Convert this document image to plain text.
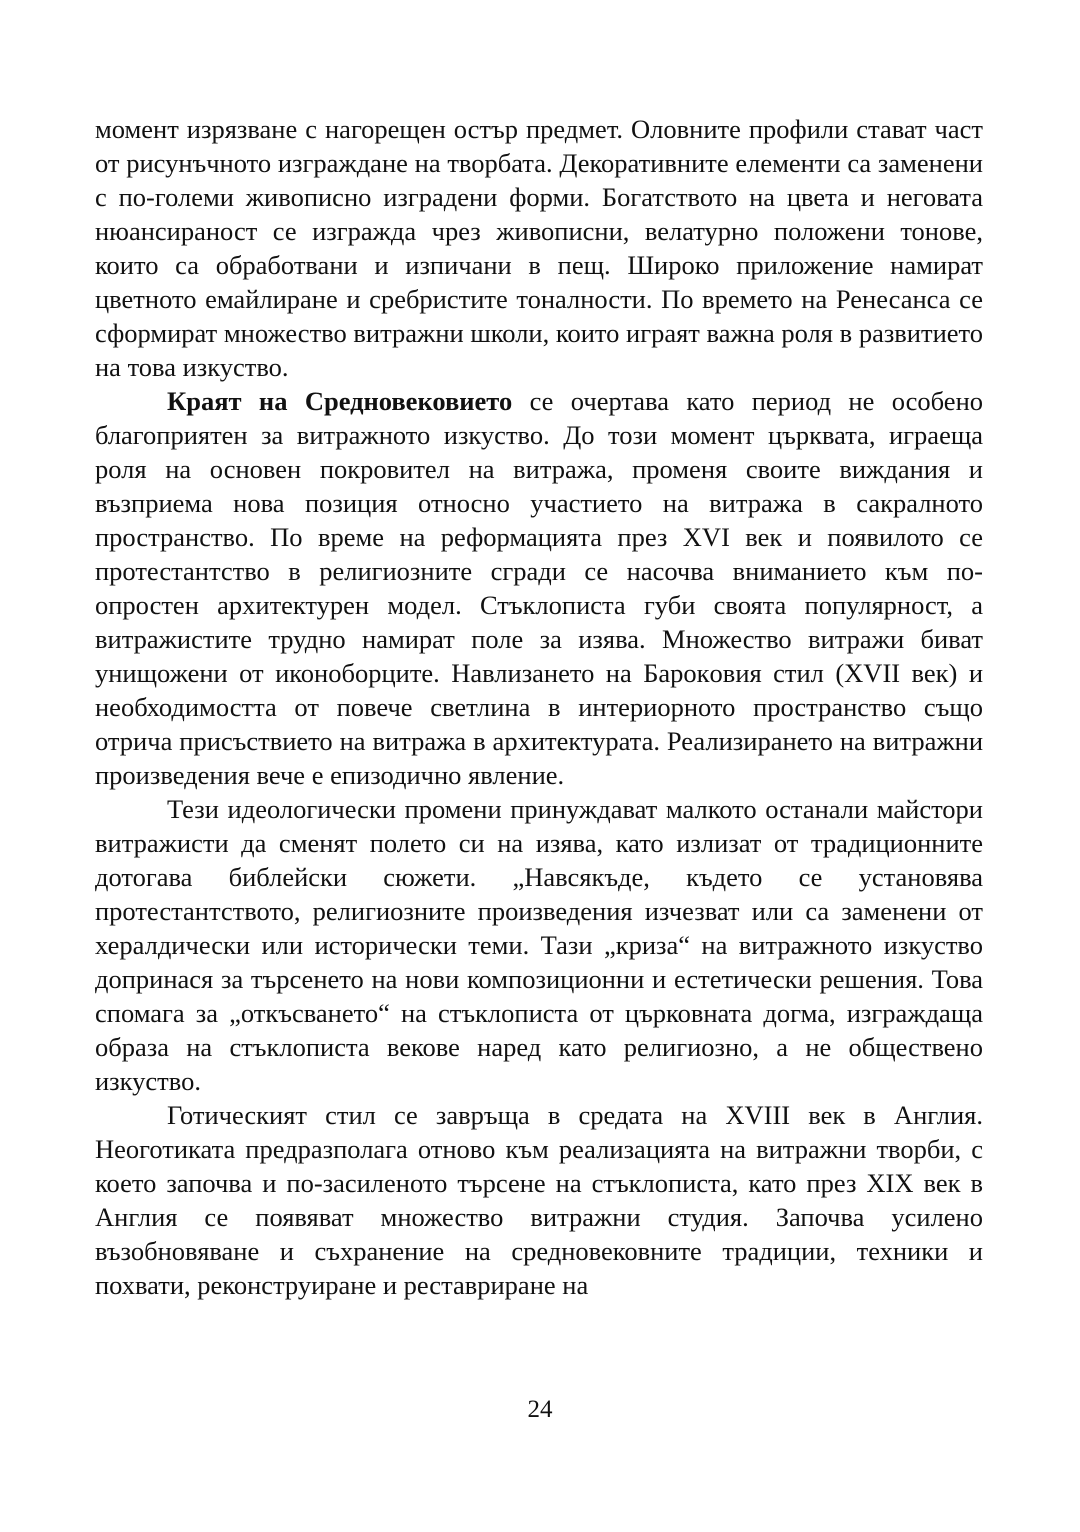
момент изрязване с нагорещен остър предмет. Оловните профили стават част от рисунъчното изграждане на творбата. Декоративните елементи са заменени с по-големи живописно изградени форми. Богатството на цвета и неговата нюансираност се изгражда чрез живописни, велатурно положени тонове, които са обработвани и изпичани в пещ. Широко приложение намират цветното емайлиране и сребристите тоналности. По времето на Ренесанса се сформират множество витражни школи, които играят важна роля в развитието на това изкуство.

Краят на Средновековието се очертава като период не особено благоприятен за витражното изкуство. До този момент църквата, играеща роля на основен покровител на витража, променя своите виждания и възприема нова позиция относно участието на витража в сакралното пространство. По време на реформацията през XVI век и появилото се протестантство в религиозните сгради се насочва вниманието към по-опростен архитектурен модел. Стъклописта губи своята популярност, а витражистите трудно намират поле за изява. Множество витражи биват унищожени от иконоборците. Навлизането на Барокoвия стил (XVII век) и необходимостта от повече светлина в интериорното пространство също отрича присъствието на витража в архитектурата. Реализирането на витражни произведения вече е епизодично явление.

Тези идеологически промени принуждават малкото останали майстори витражисти да сменят полето си на изява, като излизат от традиционните дотогава библейски сюжети. „Навсякъде, където се установява протестантството, религиозните произведения изчезват или са заменени от хералдически или исторически теми. Тази „криза“ на витражното изкуство допринася за търсенето на нови композиционни и естетически решения. Това спомага за „откъсването“ на стъклописта от църковната догма, изграждаща образа на стъклописта векове наред като религиозно, а не обществено изкуство.

Готическият стил се завръща в средата на XVIII век в Англия. Неоготиката предразполага отново към реализацията на витражни творби, с което започва и по-засиленото търсене на стъклописта, като през XIX век в Англия се появяват множество витражни студия. Започва усилено възобновяване и съхранение на средновековните традиции, техники и похвати, реконструиране и реставриране на

24
